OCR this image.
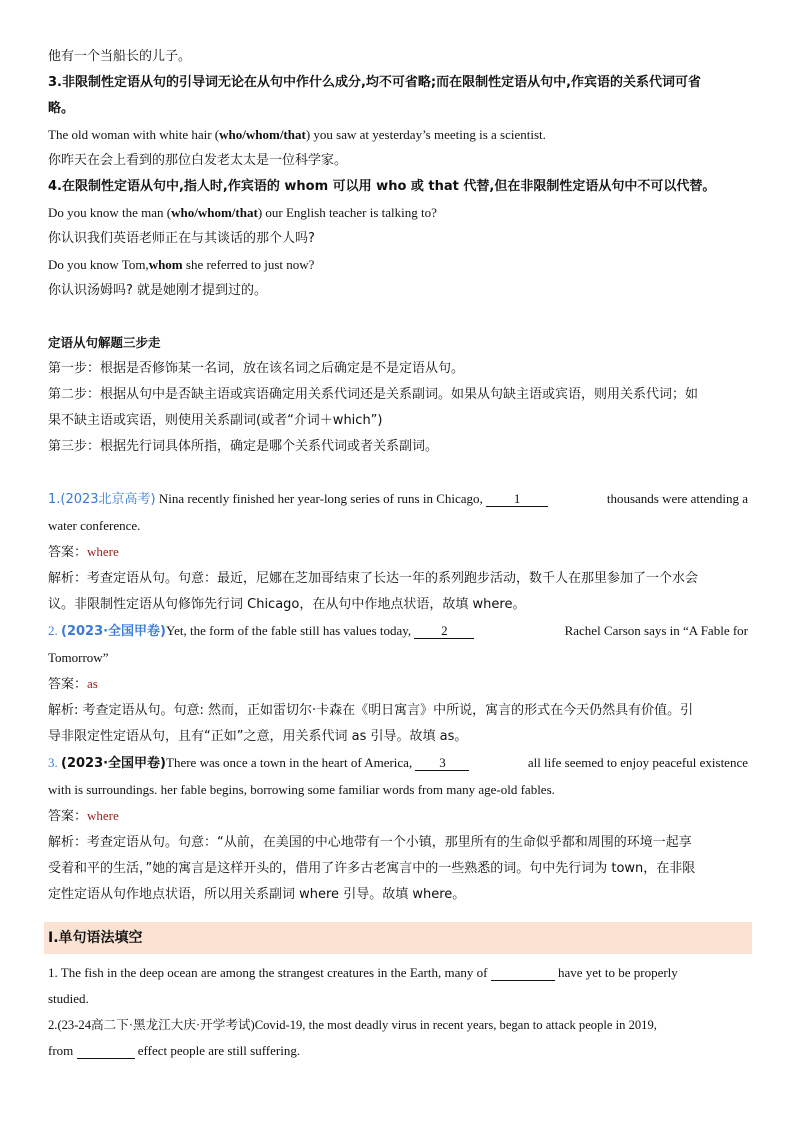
他有一个当船长的儿子。
3.非限制性定语从句的引导词无论在从句中作什么成分,均不可省略;而在限制性定语从句中,作宾语的关系代词可省
略。
The old woman with white hair (who/whom/that) you saw at yesterday’s meeting is a scientist.
你昨天在会上看到的那位白发老太太是一位科学家。
4.在限制性定语从句中,指人时,作宾语的 whom 可以用 who 或 that 代替,但在非限制性定语从句中不可以代替。
Do you know the man (who/whom/that) our English teacher is talking to?
你认识我们英语老师正在与其谈话的那个人吗?
Do you know Tom,whom she referred to just now?
你认识汤姆吗? 就是她刚才提到过的。
定语从句解题三步走
第一步：根据是否修饰某一名词，放在该名词之后确定是不是定语从句。
第二步：根据从句中是否缺主语或宾语确定用关系代词还是关系副词。如果从句缺主语或宾语，则用关系代词；如
果不缺主语或宾语，则使用关系副词(或者“介词＋which”)
第三步：根据先行词具体所指，确定是哪个关系代词或者关系副词。
1.(2023北京高考) Nina recently finished her year-long series of runs in Chicago, 1	thousands were attending a
water conference.
答案：where
解析：考查定语从句。句意：最近，尼娜在芝加哥结束了长达一年的系列跑步活动，数千人在那里参加了一个水会
议。非限制性定语从句修饰先行词 Chicago，在从句中作地点状语，故填 where。
2. (2023·全国甲卷)Yet, the form of the fable still has values today, 2	Rachel Carson says in “A Fable for
Tomorrow”
答案：as
解析: 考查定语从句。句意: 然而，正如雷切尔·卡森在《明日寓言》中所说，寓言的形式在今天仍然具有价值。引
导非限定性定语从句，且有“正如”之意，用关系代词 as 引导。故填 as。
3. (2023·全国甲卷)There was once a town in the heart of America, 3	all life seemed to enjoy peaceful existence
with is surroundings. her fable begins, borrowing some familiar words from many age-old fables.
答案：where
解析：考查定语从句。句意：“从前，在美国的中心地带有一个小镇，那里所有的生命似乎都和周围的环境一起享
受着和平的生活，”她的寓言是这样开头的，借用了许多古老寓言中的一些熟悉的词。句中先行词为 town，在非限
定性定语从句作地点状语，所以用关系副词 where 引导。故填 where。
I.单句语法填空
1. The fish in the deep ocean are among the strangest creatures in the Earth, many of	have yet to be properly
studied.
2.(23-24高二下·黑龙江大庆·开学考试)Covid-19, the most deadly virus in recent years, began to attack people in 2019,
from	effect people are still suffering.
